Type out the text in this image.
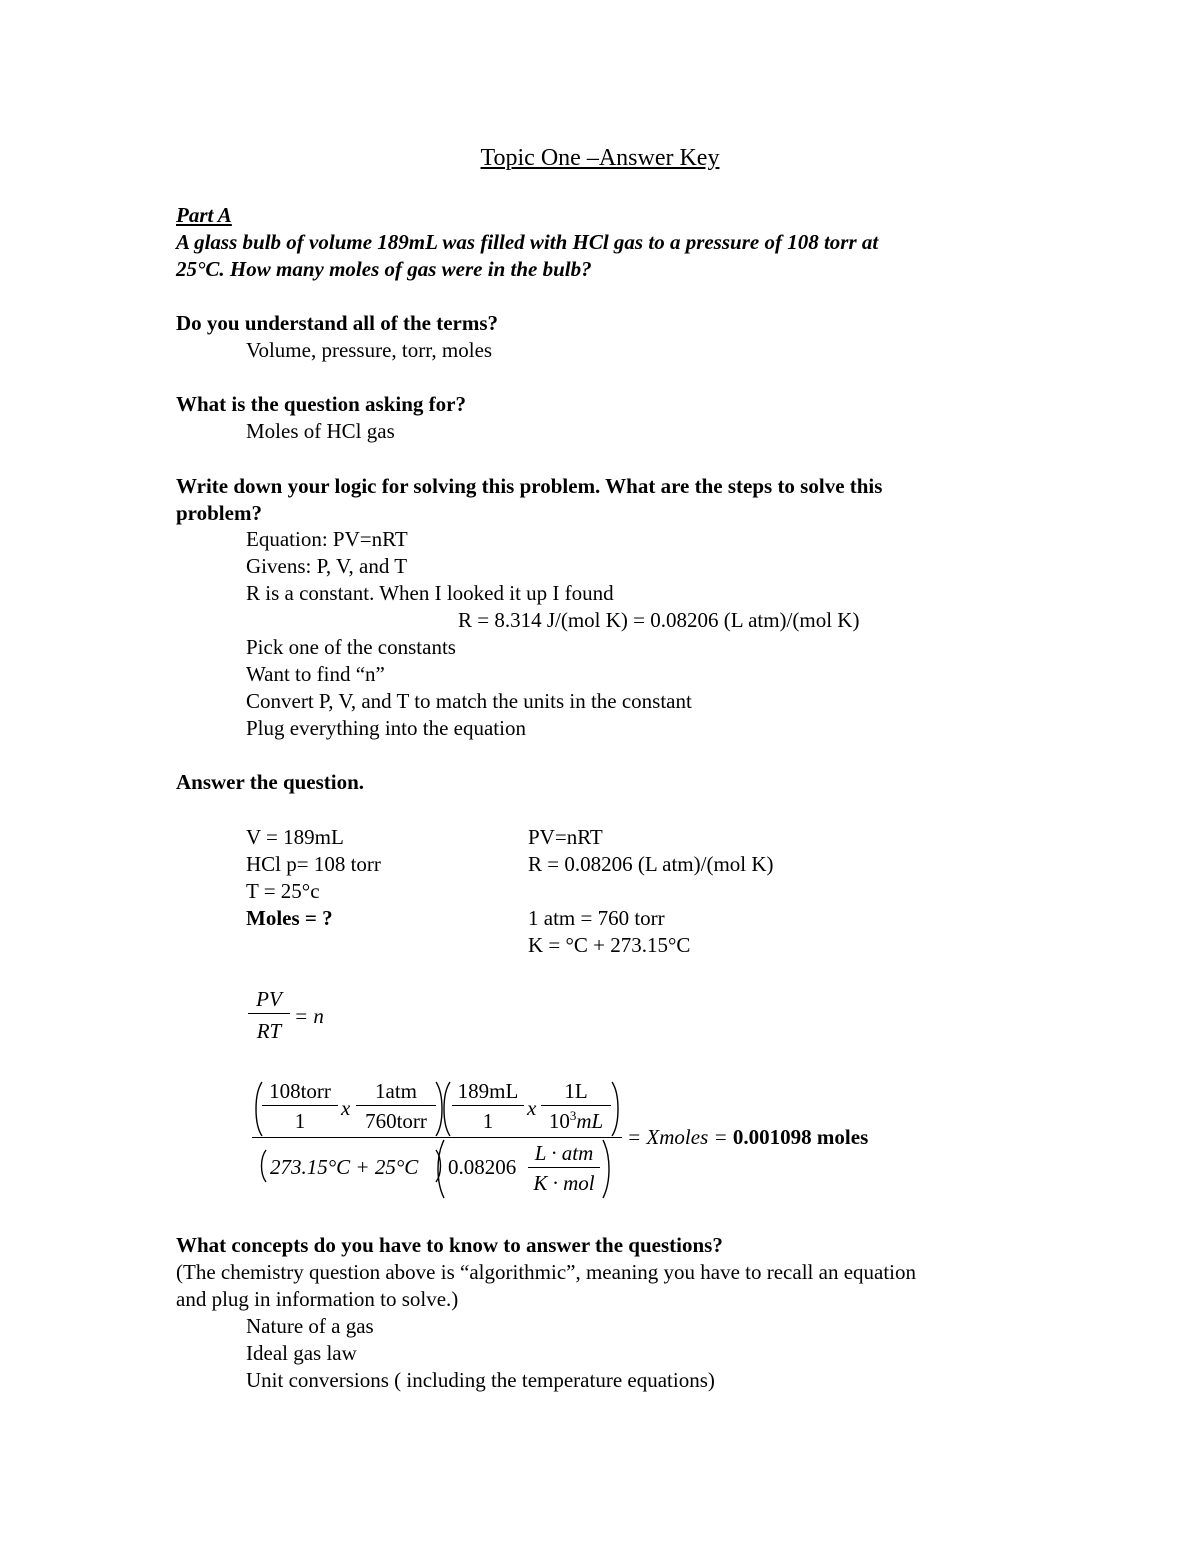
Topic One –Answer Key
Part A
A glass bulb of volume 189mL was filled with HCl gas to a pressure of 108 torr at
25°C. How many moles of gas were in the bulb?
Do you understand all of the terms?
Volume, pressure, torr, moles
What is the question asking for?
Moles of HCl gas
Write down your logic for solving this problem. What are the steps to solve this
problem?
Equation: PV=nRT
Givens: P, V, and T
R is a constant. When I looked it up I found
R = 8.314 J/(mol K) = 0.08206 (L atm)/(mol K)
Pick one of the constants
Want to find “n”
Convert P, V, and T to match the units in the constant
Plug everything into the equation
Answer the question.
V = 189mL
HCl p= 108 torr
T = 25°c
Moles = ?
PV=nRT
R = 0.08206 (L atm)/(mol K)
1 atm = 760 torr
K = °C + 273.15°C
PV
RT
= n
108torr
1
x
1atm
760torr
189mL
1
x
1L
$10^3mL$
273.15°C + 25°C 0.08206
L · atm
K · mol
= Xmoles = 0.001098 moles
What concepts do you have to know to answer the questions?
(The chemistry question above is “algorithmic”, meaning you have to recall an equation
and plug in information to solve.)
Nature of a gas
Ideal gas law
Unit conversions ( including the temperature equations)
